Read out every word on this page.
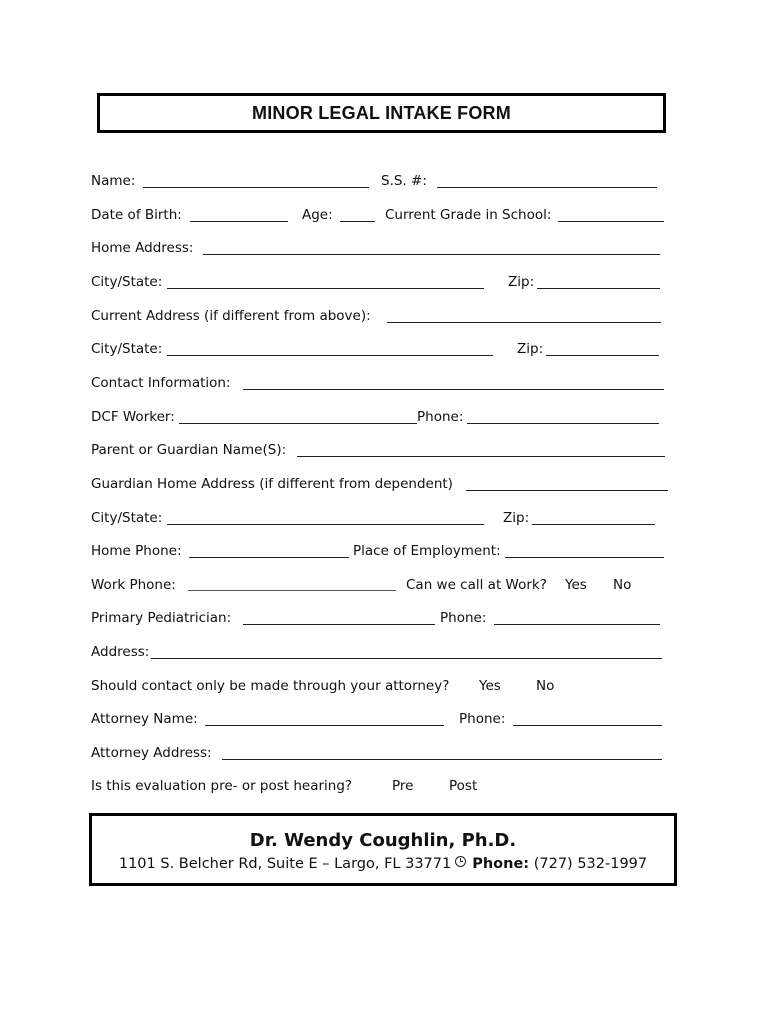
MINOR LEGAL INTAKE FORM
Name:	S.S. #:
Date of Birth:	Age:	Current Grade in School:
Home Address:
City/State:	Zip:
Current Address (if different from above):
City/State:	Zip:
Contact Information:
DCF Worker:	Phone:
Parent or Guardian Name(S):
Guardian Home Address (if different from dependent)
City/State:	Zip:
Home Phone:	Place of Employment:
Work Phone:	Can we call at Work? Yes No
Primary Pediatrician:	Phone:
Address:
Should contact only be made through your attorney? Yes	No
Attorney Name:	Phone:
Attorney Address:
Is this evaluation pre- or post hearing?	Pre	Post
Dr. Wendy Coughlin, Ph.D.
1101 S. Belcher Rd, Suite E – Largo, FL 33771 Phone: (727) 532-1997
